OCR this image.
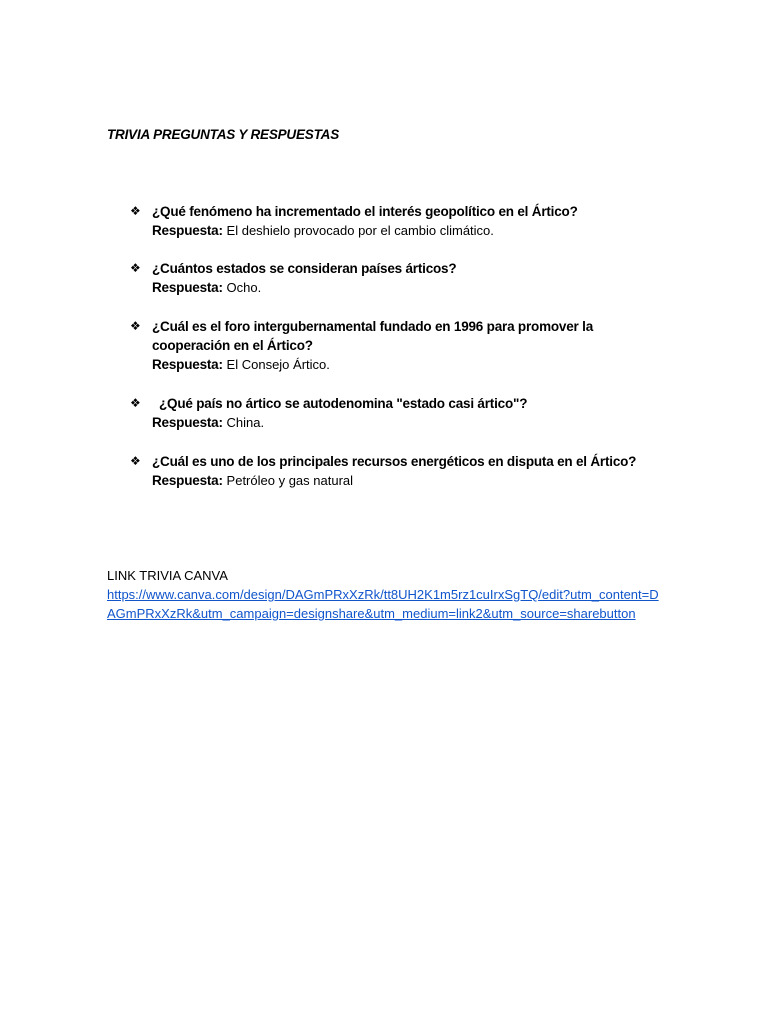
TRIVIA PREGUNTAS Y RESPUESTAS
❖ ¿Qué fenómeno ha incrementado el interés geopolítico en el Ártico?
Respuesta: El deshielo provocado por el cambio climático.
❖ ¿Cuántos estados se consideran países árticos?
Respuesta: Ocho.
❖ ¿Cuál es el foro intergubernamental fundado en 1996 para promover la cooperación en el Ártico?
Respuesta: El Consejo Ártico.
❖	¿Qué país no ártico se autodenomina "estado casi ártico"?
Respuesta: China.
❖ ¿Cuál es uno de los principales recursos energéticos en disputa en el Ártico?
Respuesta: Petróleo y gas natural
LINK TRIVIA CANVA
https://www.canva.com/design/DAGmPRxXzRk/tt8UH2K1m5rz1cuIrxSgTQ/edit?utm_content=DAGmPRxXzRk&utm_campaign=designshare&utm_medium=link2&utm_source=sharebutton
